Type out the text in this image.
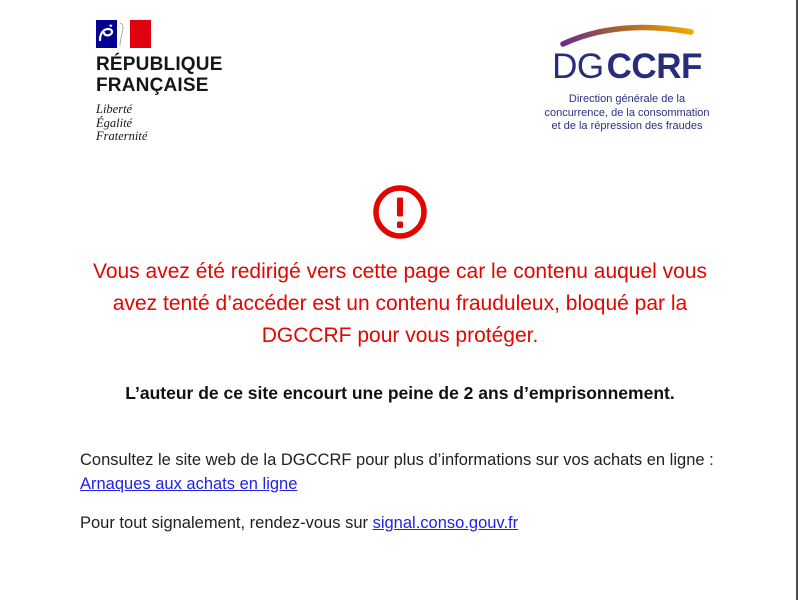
RÉPUBLIQUE
FRANÇAISE
Liberté
Égalité
Fraternité
DGCCRF
Direction générale de la
concurrence, de la consommation
et de la répression des fraudes

Vous avez été redirigé vers cette page car le contenu auquel vous avez tenté d’accéder est un contenu frauduleux, bloqué par la DGCCRF pour vous protéger.

L’auteur de ce site encourt une peine de 2 ans d’emprisonnement.

Consultez le site web de la DGCCRF pour plus d’informations sur vos achats en ligne :
Arnaques aux achats en ligne

Pour tout signalement, rendez-vous sur signal.conso.gouv.fr
